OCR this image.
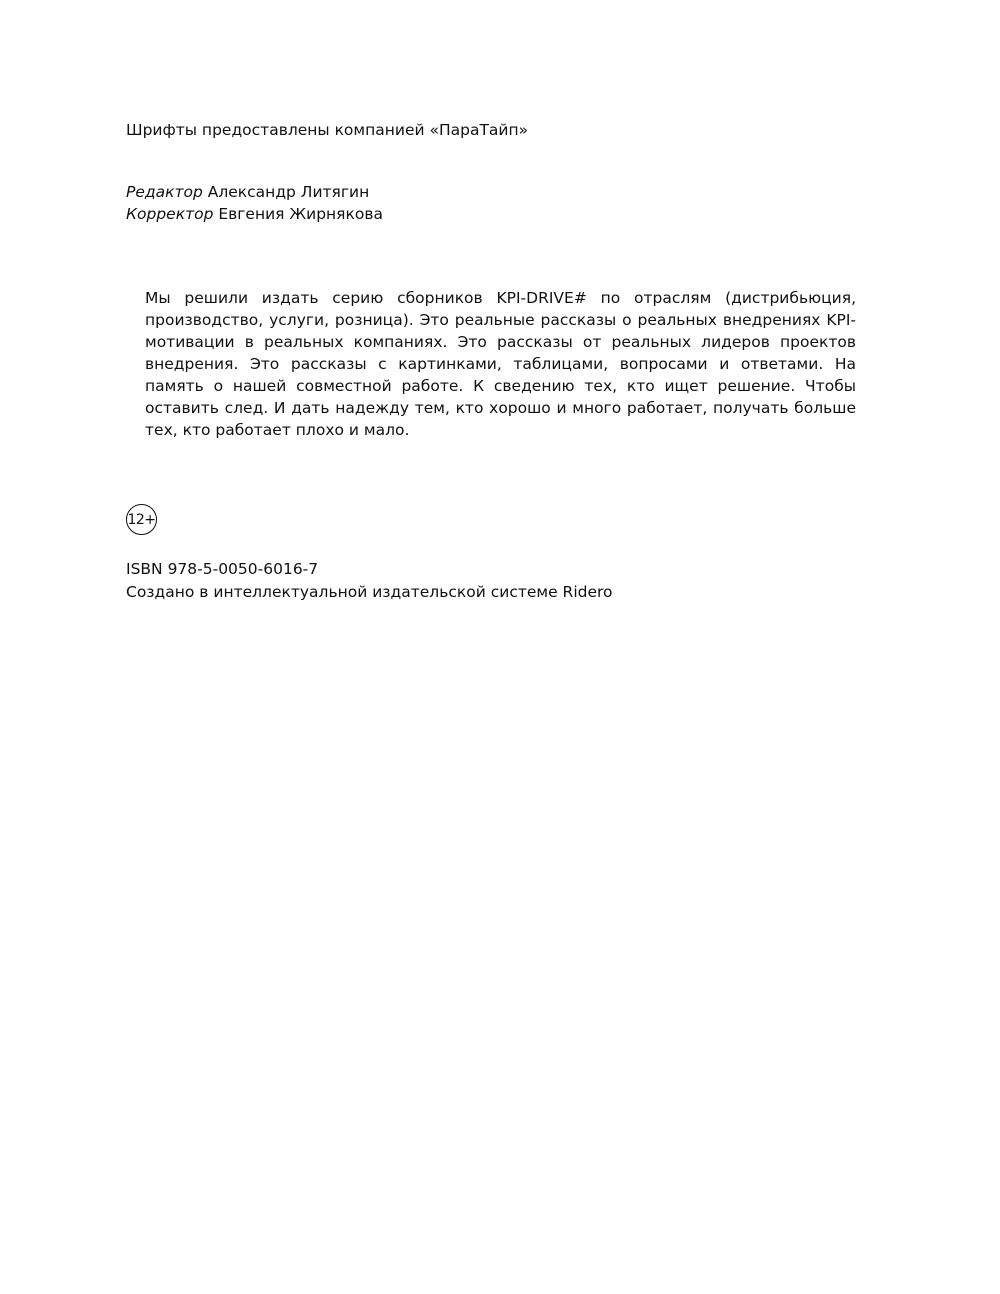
Шрифты предоставлены компанией «ПараТайп»
Редактор Александр Литягин
Корректор Евгения Жирнякова
Мы решили издать серию сборников KPI-DRIVE# по отраслям (дистрибьюция, производство, услуги, розница). Это реальные рассказы о реальных внедрениях KPI-мотивации в реальных компаниях. Это рассказы от реальных лидеров проектов внедрения. Это рассказы с картинками, таблицами, вопросами и ответами. На память о нашей совместной работе. К сведению тех, кто ищет решение. Чтобы оставить след. И дать надежду тем, кто хорошо и много работает, получать больше тех, кто работает плохо и мало.
12+
ISBN 978-5-0050-6016-7
Создано в интеллектуальной издательской системе Ridero
